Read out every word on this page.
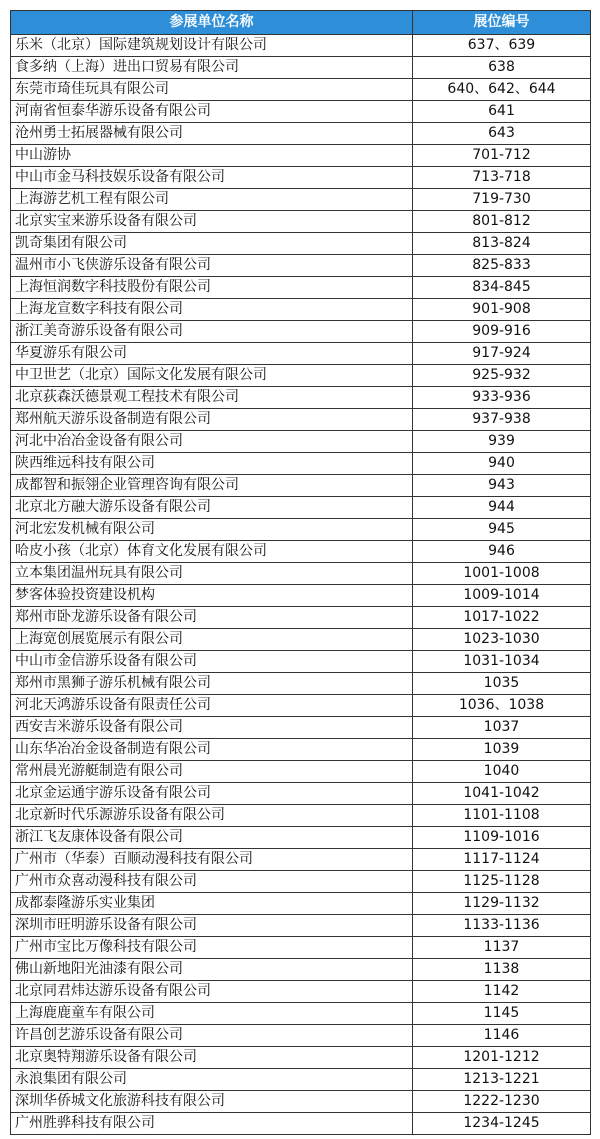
参展单位名称	展位编号
乐米（北京）国际建筑规划设计有限公司	637、639
食多纳（上海）进出口贸易有限公司	638
东莞市琦佳玩具有限公司	640、642、644
河南省恒泰华游乐设备有限公司	641
沧州勇士拓展器械有限公司	643
中山游协	701-712
中山市金马科技娱乐设备有限公司	713-718
上海游艺机工程有限公司	719-730
北京实宝来游乐设备有限公司	801-812
凯奇集团有限公司	813-824
温州市小飞侠游乐设备有限公司	825-833
上海恒润数字科技股份有限公司	834-845
上海龙宣数字科技有限公司	901-908
浙江美奇游乐设备有限公司	909-916
华夏游乐有限公司	917-924
中卫世艺（北京）国际文化发展有限公司	925-932
北京荻森沃德景观工程技术有限公司	933-936
郑州航天游乐设备制造有限公司	937-938
河北中冶冶金设备有限公司	939
陕西维远科技有限公司	940
成都智和振翎企业管理咨询有限公司	943
北京北方融大游乐设备有限公司	944
河北宏发机械有限公司	945
哈皮小孩（北京）体育文化发展有限公司	946
立本集团温州玩具有限公司	1001-1008
梦客体验投资建设机构	1009-1014
郑州市卧龙游乐设备有限公司	1017-1022
上海宽创展览展示有限公司	1023-1030
中山市金信游乐设备有限公司	1031-1034
郑州市黑狮子游乐机械有限公司	1035
河北天鸿游乐设备有限责任公司	1036、1038
西安吉米游乐设备有限公司	1037
山东华冶冶金设备制造有限公司	1039
常州晨光游艇制造有限公司	1040
北京金运通宇游乐设备有限公司	1041-1042
北京新时代乐源游乐设备有限公司	1101-1108
浙江飞友康体设备有限公司	1109-1016
广州市（华泰）百顺动漫科技有限公司	1117-1124
广州市众喜动漫科技有限公司	1125-1128
成都泰隆游乐实业集团	1129-1132
深圳市旺明游乐设备有限公司	1133-1136
广州市宝比万像科技有限公司	1137
佛山新地阳光油漆有限公司	1138
北京同君炜达游乐设备有限公司	1142
上海鹿鹿童车有限公司	1145
许昌创艺游乐设备有限公司	1146
北京奥特翔游乐设备有限公司	1201-1212
永浪集团有限公司	1213-1221
深圳华侨城文化旅游科技有限公司	1222-1230
广州胜骅科技有限公司	1234-1245
